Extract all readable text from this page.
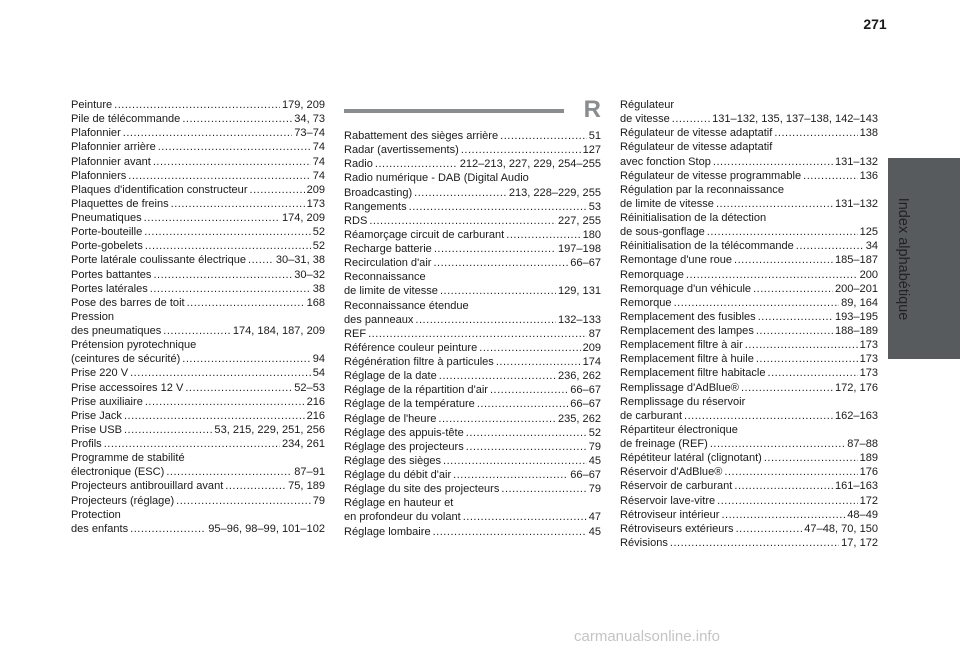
271
Index alphabétique
Peinture .....	179, 209
Pile de télécommande .....	34, 73
Plafonnier .....	73–74
Plafonnier arrière .....	74
Plafonnier avant .....	74
Plafonniers .....	74
Plaques d'identification constructeur .....	209
Plaquettes de freins .....	173
Pneumatiques .....	174, 209
Porte-bouteille .....	52
Porte-gobelets .....	52
Porte latérale coulissante électrique .....	30–31, 38
Portes battantes .....	30–32
Portes latérales .....	38
Pose des barres de toit .....	168
Pression
des pneumatiques .....	174, 184, 187, 209
Prétension pyrotechnique
(ceintures de sécurité) .....	94
Prise 220 V .....	54
Prise accessoires 12 V .....	52–53
Prise auxiliaire .....	216
Prise Jack .....	216
Prise USB .....	53, 215, 229, 251, 256
Profils .....	234, 261
Programme de stabilité
électronique (ESC) .....	87–91
Projecteurs antibrouillard avant .....	75, 189
Projecteurs (réglage) .....	79
Protection
des enfants .....	95–96, 98–99, 101–102
R
Rabattement des sièges arrière .....	51
Radar (avertissements) .....	127
Radio .....	212–213, 227, 229, 254–255
Radio numérique - DAB (Digital Audio
Broadcasting) .....	213, 228–229, 255
Rangements .....	53
RDS .....	227, 255
Réamorçage circuit de carburant .....	180
Recharge batterie .....	197–198
Recirculation d'air .....	66–67
Reconnaissance
de limite de vitesse .....	129, 131
Reconnaissance étendue
des panneaux .....	132–133
REF .....	87
Référence couleur peinture .....	209
Régénération filtre à particules .....	174
Réglage de la date .....	236, 262
Réglage de la répartition d'air .....	66–67
Réglage de la température .....	66–67
Réglage de l'heure .....	235, 262
Réglage des appuis-tête .....	52
Réglage des projecteurs .....	79
Réglage des sièges .....	45
Réglage du débit d'air .....	66–67
Réglage du site des projecteurs .....	79
Réglage en hauteur et
en profondeur du volant .....	47
Réglage lombaire .....	45
Régulateur
de vitesse .....	131–132, 135, 137–138, 142–143
Régulateur de vitesse adaptatif .....	138
Régulateur de vitesse adaptatif
avec fonction Stop .....	131–132
Régulateur de vitesse programmable .....	136
Régulation par la reconnaissance
de limite de vitesse .....	131–132
Réinitialisation de la détection
de sous-gonflage .....	125
Réinitialisation de la télécommande .....	34
Remontage d'une roue .....	185–187
Remorquage .....	200
Remorquage d'un véhicule .....	200–201
Remorque .....	89, 164
Remplacement des fusibles .....	193–195
Remplacement des lampes .....	188–189
Remplacement filtre à air .....	173
Remplacement filtre à huile .....	173
Remplacement filtre habitacle .....	173
Remplissage d'AdBlue® .....	172, 176
Remplissage du réservoir
de carburant .....	162–163
Répartiteur électronique
de freinage (REF) .....	87–88
Répétiteur latéral (clignotant) .....	189
Réservoir d'AdBlue® .....	176
Réservoir de carburant .....	161–163
Réservoir lave-vitre .....	172
Rétroviseur intérieur .....	48–49
Rétroviseurs extérieurs .....	47–48, 70, 150
Révisions .....	17, 172
carmanualsonline.info
